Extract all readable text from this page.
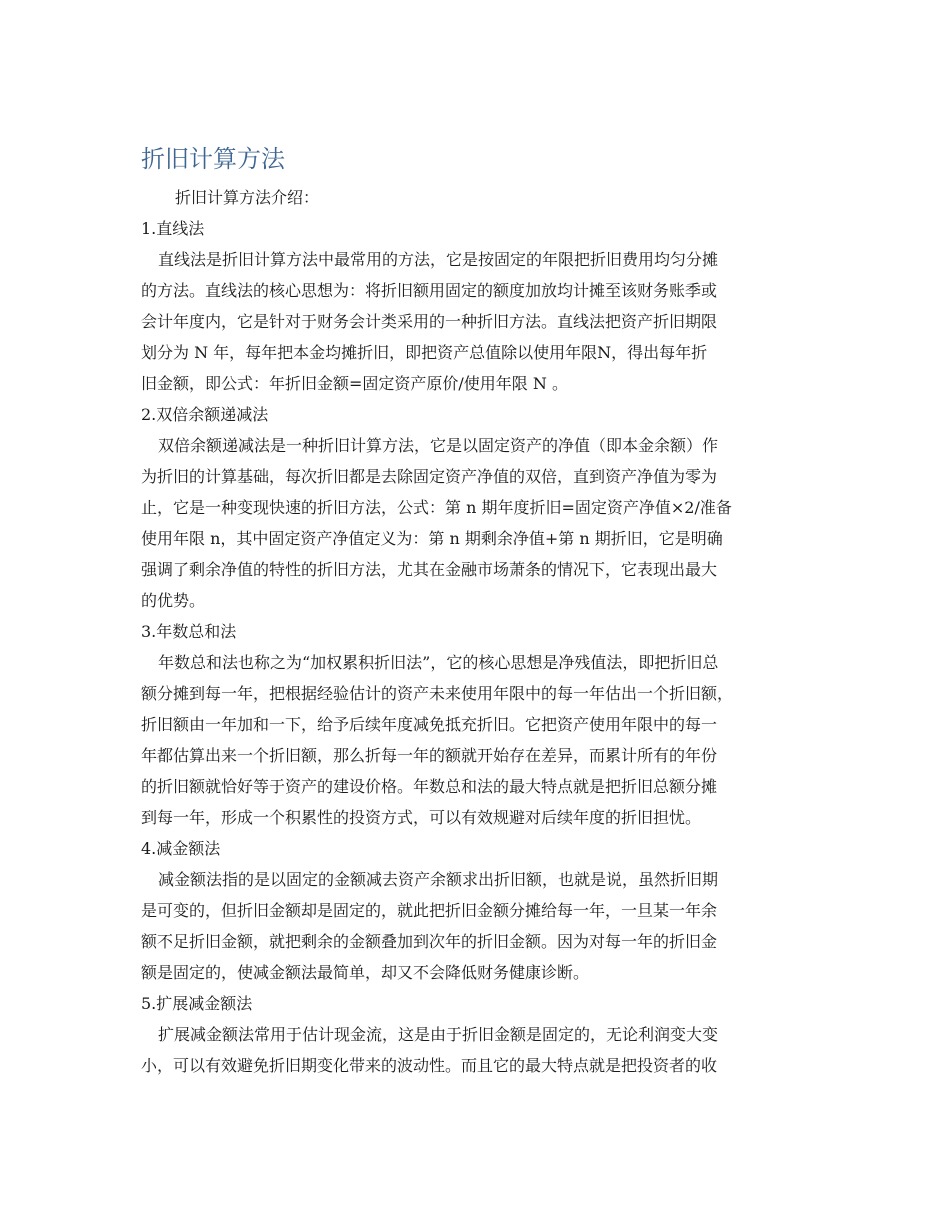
折旧计算方法

折旧计算方法介绍：

1.直线法

直线法是折旧计算方法中最常用的方法，它是按固定的年限把折旧费用均匀分摊
的方法。直线法的核心思想为：将折旧额用固定的额度加放均计摊至该财务账季或
会计年度内，它是针对于财务会计类采用的一种折旧方法。直线法把资产折旧期限
划分为 N 年，每年把本金均摊折旧，即把资产总值除以使用年限N，得出每年折
旧金额，即公式：年折旧金额=固定资产原价/使用年限 N 。

2.双倍余额递减法

双倍余额递减法是一种折旧计算方法，它是以固定资产的净值（即本金余额）作
为折旧的计算基础，每次折旧都是去除固定资产净值的双倍，直到资产净值为零为
止，它是一种变现快速的折旧方法，公式：第 n 期年度折旧=固定资产净值×2/准备
使用年限 n，其中固定资产净值定义为：第 n 期剩余净值+第 n 期折旧，它是明确
强调了剩余净值的特性的折旧方法，尤其在金融市场萧条的情况下，它表现出最大
的优势。

3.年数总和法

年数总和法也称之为“加权累积折旧法”，它的核心思想是净残值法，即把折旧总
额分摊到每一年，把根据经验估计的资产未来使用年限中的每一年估出一个折旧额，
折旧额由一年加和一下，给予后续年度减免抵充折旧。它把资产使用年限中的每一
年都估算出来一个折旧额，那么折每一年的额就开始存在差异，而累计所有的年份
的折旧额就恰好等于资产的建设价格。年数总和法的最大特点就是把折旧总额分摊
到每一年，形成一个积累性的投资方式，可以有效规避对后续年度的折旧担忧。

4.减金额法

减金额法指的是以固定的金额减去资产余额求出折旧额，也就是说，虽然折旧期
是可变的，但折旧金额却是固定的，就此把折旧金额分摊给每一年，一旦某一年余
额不足折旧金额，就把剩余的金额叠加到次年的折旧金额。因为对每一年的折旧金
额是固定的，使减金额法最简单，却又不会降低财务健康诊断。

5.扩展减金额法

扩展减金额法常用于估计现金流，这是由于折旧金额是固定的，无论利润变大变
小，可以有效避免折旧期变化带来的波动性。而且它的最大特点就是把投资者的收
